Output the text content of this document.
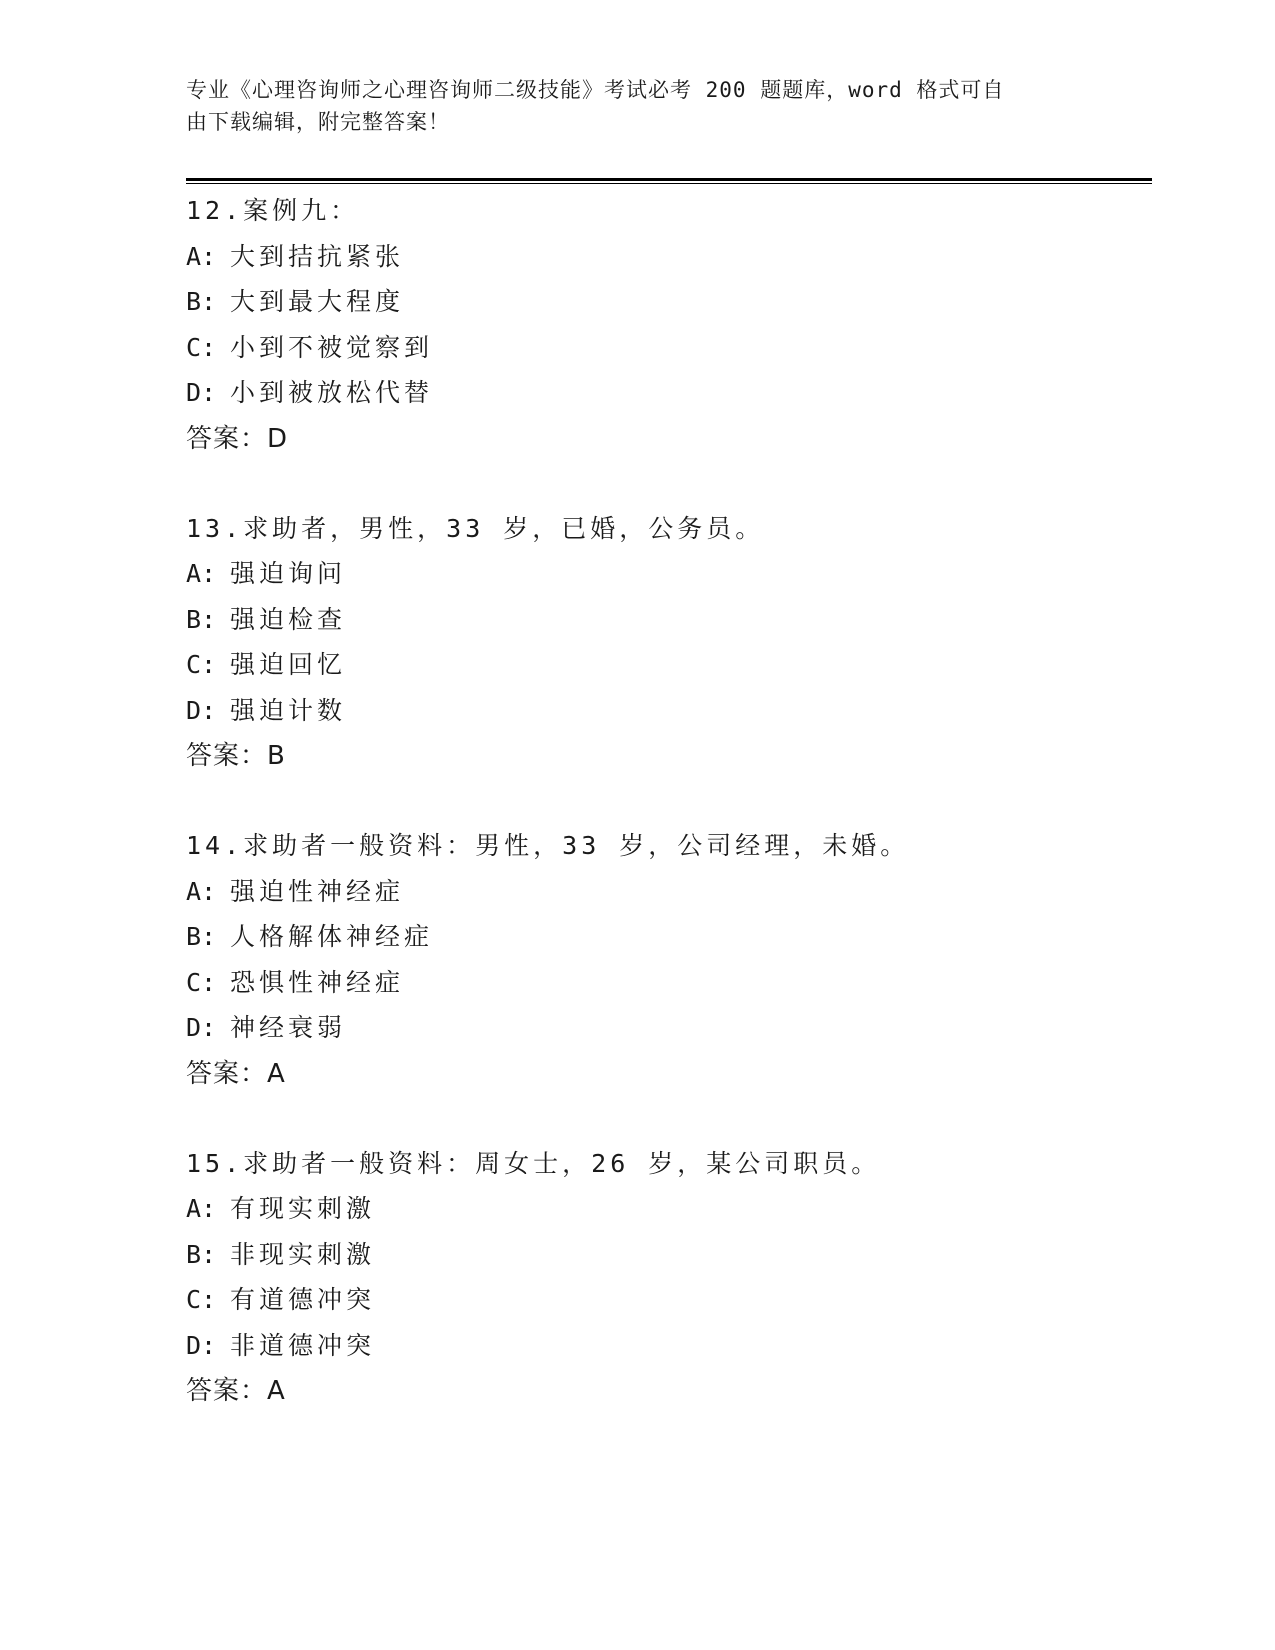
专业《心理咨询师之心理咨询师二级技能》考试必考 200 题题库，word 格式可自
由下载编辑，附完整答案！
12.案例九：
A: 大到拮抗紧张
B: 大到最大程度
C: 小到不被觉察到
D: 小到被放松代替
答案：D
13.求助者，男性，33 岁，已婚，公务员。
A: 强迫询问
B: 强迫检查
C: 强迫回忆
D: 强迫计数
答案：B
14.求助者一般资料：男性，33 岁，公司经理，未婚。
A: 强迫性神经症
B: 人格解体神经症
C: 恐惧性神经症
D: 神经衰弱
答案：A
15.求助者一般资料：周女士，26 岁，某公司职员。
A: 有现实刺激
B: 非现实刺激
C: 有道德冲突
D: 非道德冲突
答案：A
